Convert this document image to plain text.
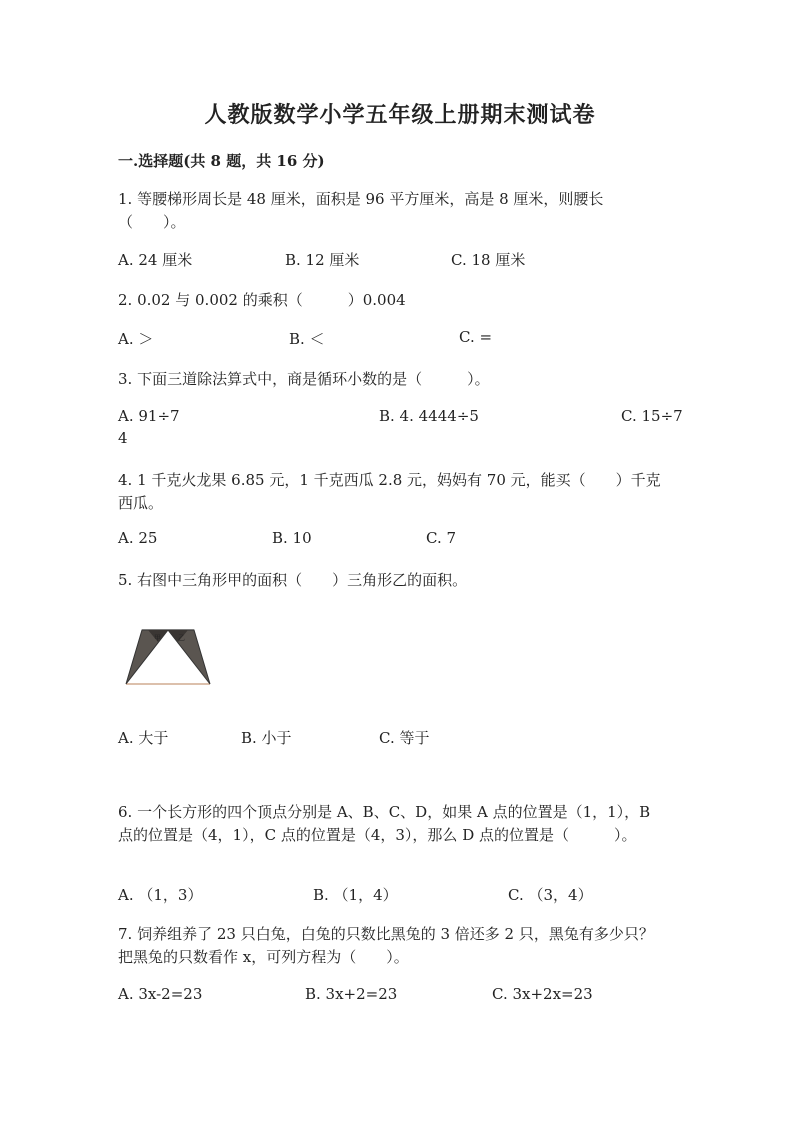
人教版数学小学五年级上册期末测试卷
一.选择题(共 8 题，共 16 分)
1. 等腰梯形周长是 48 厘米，面积是 96 平方厘米，高是 8 厘米，则腰长
（　　）。
A. 24 厘米	B. 12 厘米	C. 18 厘米
2. 0.02 与 0.002 的乘积（　　　）0.004
A. ＞	B. ＜	C. =
3. 下面三道除法算式中，商是循环小数的是（　　　）。
A. 91÷7	B. 4. 4444÷5	C. 15÷7
4
4. 1 千克火龙果 6.85 元，1 千克西瓜 2.8 元，妈妈有 70 元，能买（　　）千克
西瓜。
A. 25	B. 10	C. 7
5. 右图中三角形甲的面积（　　）三角形乙的面积。
甲 乙
A. 大于	B. 小于	C. 等于
6. 一个长方形的四个顶点分别是 A、B、C、D，如果 A 点的位置是（1，1），B
点的位置是（4，1），C 点的位置是（4，3），那么 D 点的位置是（　　　）。
A. （1，3）	B. （1，4）	C. （3，4）
7. 饲养组养了 23 只白兔，白兔的只数比黑兔的 3 倍还多 2 只，黑兔有多少只？
把黑兔的只数看作 x，可列方程为（　　）。
A. 3x-2=23	B. 3x+2=23	C. 3x+2x=23
